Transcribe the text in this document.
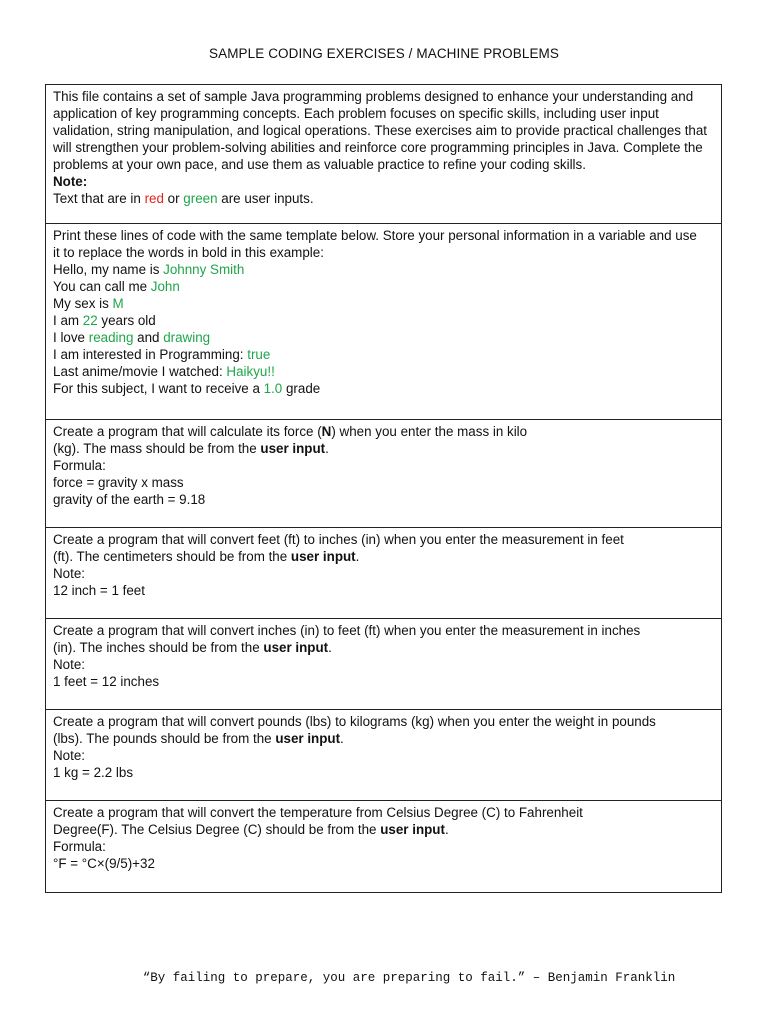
SAMPLE CODING EXERCISES / MACHINE PROBLEMS
This file contains a set of sample Java programming problems designed to enhance your understanding and application of key programming concepts. Each problem focuses on specific skills, including user input validation, string manipulation, and logical operations. These exercises aim to provide practical challenges that will strengthen your problem-solving abilities and reinforce core programming principles in Java. Complete the problems at your own pace, and use them as valuable practice to refine your coding skills.
Note:
Text that are in red or green are user inputs.
Print these lines of code with the same template below. Store your personal information in a variable and use
it to replace the words in bold in this example:
Hello, my name is Johnny Smith
You can call me John
My sex is M
I am 22 years old
I love reading and drawing
I am interested in Programming: true
Last anime/movie I watched: Haikyu!!
For this subject, I want to receive a 1.0 grade
Create a program that will calculate its force (N) when you enter the mass in kilo
(kg). The mass should be from the user input.
Formula:
force = gravity x mass
gravity of the earth = 9.18
Create a program that will convert feet (ft) to inches (in) when you enter the measurement in feet
(ft). The centimeters should be from the user input.
Note:
12 inch = 1 feet
Create a program that will convert inches (in) to feet (ft) when you enter the measurement in inches
(in). The inches should be from the user input.
Note:
1 feet = 12 inches
Create a program that will convert pounds (lbs) to kilograms (kg) when you enter the weight in pounds
(lbs). The pounds should be from the user input.
Note:
1 kg = 2.2 lbs
Create a program that will convert the temperature from Celsius Degree (C) to Fahrenheit
Degree(F). The Celsius Degree (C) should be from the user input.
Formula:
°F = °C×(9/5)+32
“By failing to prepare, you are preparing to fail.” – Benjamin Franklin
